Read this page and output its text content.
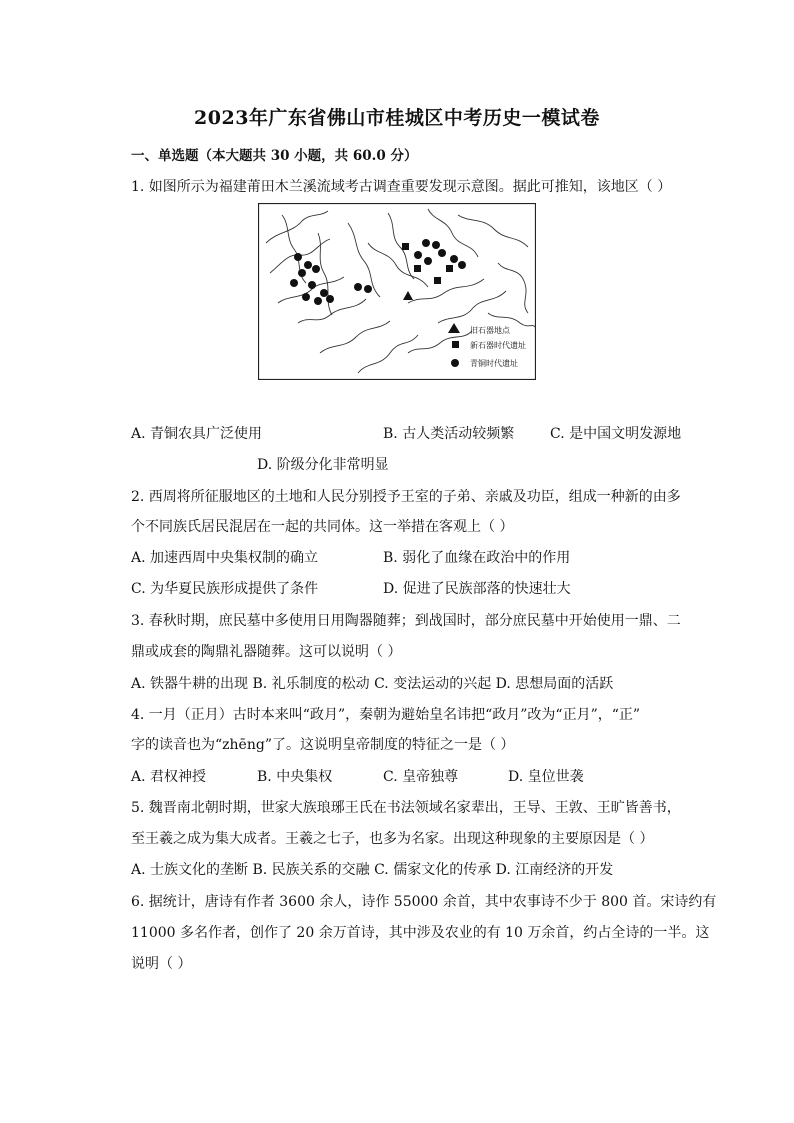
2023年广东省佛山市桂城区中考历史一模试卷
一、单选题（本大题共 30 小题，共 60.0 分）
1. 如图所示为福建莆田木兰溪流域考古调查重要发现示意图。据此可推知，该地区（ ）
旧石器地点
新石器时代遗址
青铜时代遗址
A. 青铜农具广泛使用	B. 古人类活动较频繁	C. 是中国文明发源地
D. 阶级分化非常明显
2. 西周将所征服地区的土地和人民分别授予王室的子弟、亲戚及功臣，组成一种新的由多
个不同族氏居民混居在一起的共同体。这一举措在客观上（ ）
A. 加速西周中央集权制的确立	B. 弱化了血缘在政治中的作用
C. 为华夏民族形成提供了条件	D. 促进了民族部落的快速壮大
3. 春秋时期，庶民墓中多使用日用陶器随葬；到战国时，部分庶民墓中开始使用一鼎、二
鼎或成套的陶鼎礼器随葬。这可以说明（ ）
A. 铁器牛耕的出现 B. 礼乐制度的松动 C. 变法运动的兴起 D. 思想局面的活跃
4. 一月（正月）古时本来叫“政月”，秦朝为避始皇名讳把“政月”改为“正月”，“正”
字的读音也为“zhēng”了。这说明皇帝制度的特征之一是（ ）
A. 君权神授	B. 中央集权	C. 皇帝独尊	D. 皇位世袭
5. 魏晋南北朝时期，世家大族琅琊王氏在书法领域名家辈出，王导、王敦、王旷皆善书，
至王羲之成为集大成者。王羲之七子，也多为名家。出现这种现象的主要原因是（ ）
A. 士族文化的垄断 B. 民族关系的交融 C. 儒家文化的传承 D. 江南经济的开发
6. 据统计，唐诗有作者 3600 余人，诗作 55000 余首，其中农事诗不少于 800 首。宋诗约有
11000 多名作者，创作了 20 余万首诗，其中涉及农业的有 10 万余首，约占全诗的一半。这
说明（ ）
